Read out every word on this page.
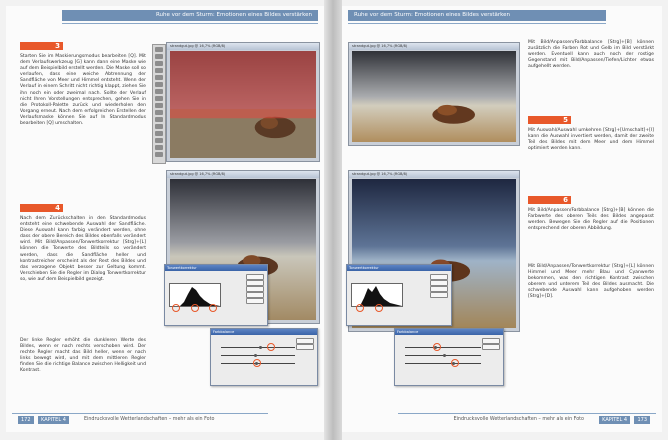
Ruhe vor dem Sturm: Emotionen eines Bildes verstärken
3
Starten Sie im Maskierungsmodus bearbeiten [Q]. Mit dem Verlaufswerkzeug [G] kann dann eine Maske wie auf dem Beispielbild erstellt werden. Die Maske soll so verlaufen, dass eine weiche Abtrennung der Sandfläche von Meer und Himmel entsteht. Wenn der Verlauf in einem Schritt nicht richtig klappt, ziehen Sie ihn noch ein oder zweimal nach. Sollte der Verlauf nicht Ihren Vorstellungen entsprechen, gehen Sie in die Protokoll-Palette zurück und wiederholen den Vorgang erneut. Nach dem erfolgreichen Erstellen der Verlaufsmaske können Sie auf In Standardmodus bearbeiten [Q] umschalten.
4
Nach dem Zurückschalten in den Standardmodus entsteht eine schwebende Auswahl der Sandfläche. Diese Auswahl kann farbig verändert werden, ohne dass der obere Bereich des Bildes ebenfalls verändert wird. Mit Bild/Anpassen/Tonwertkorrektur [Strg]+[L] können die Tonwerte des Bildteils so verändert werden, dass die Sandfläche heller und kontrastreicher erscheint als der Rest des Bildes und das verzogene Objekt besser zur Geltung kommt. Verschieben Sie die Regler im Dialog Tonwertkorrektur so, wie auf dem Beispielbild gezeigt.
Der linke Regler erhöht die dunkleren Werte des Bildes, wenn er nach rechts verschoben wird. Der rechte Regler macht das Bild heller, wenn er nach links bewegt wird, und mit dem mittleren Regler finden Sie die richtige Balance zwischen Helligkeit und Kontrast.
strandgut.jpg @ 16,7% (RGB/8)
strandgut.jpg @ 16,7% (RGB/8)
Tonwertkorrektur
Farbbalance
172	KAPITEL 4	Eindrucksvolle Wetterlandschaften – mehr als ein Foto
Ruhe vor dem Sturm: Emotionen eines Bildes verstärken
strandgut.jpg @ 16,7% (RGB/8)
strandgut.jpg @ 16,7% (RGB/8)
Tonwertkorrektur
Farbbalance
Mit Bild/Anpassen/Farbbalance [Strg]+[B] können zusätzlich die Farben Rot und Gelb im Bild verstärkt werden. Eventuell kann auch noch der rostige Gegenstand mit Bild/Anpassen/Tiefen/Lichter etwas aufgehellt werden.
5
Mit Auswahl/Auswahl umkehren [Strg]+[Umschalt]+[I] kann die Auswahl invertiert werden, damit der zweite Teil des Bildes mit dem Meer und dem Himmel optimiert werden kann.
6
Mit Bild/Anpassen/Farbbalance [Strg]+[B] können die Farbwerte des oberen Teils des Bildes angepasst werden. Bewegen Sie die Regler auf die Positionen entsprechend der oberen Abbildung.
Mit Bild/Anpassen/Tonwertkorrektur [Strg]+[L] können Himmel und Meer mehr Blau und Cyanwerte bekommen, was den richtigen Kontrast zwischen oberem und unterem Teil des Bildes ausmacht. Die schwebende Auswahl kann aufgehoben werden [Strg]+[D].
Eindrucksvolle Wetterlandschaften – mehr als ein Foto	KAPITEL 4	173
